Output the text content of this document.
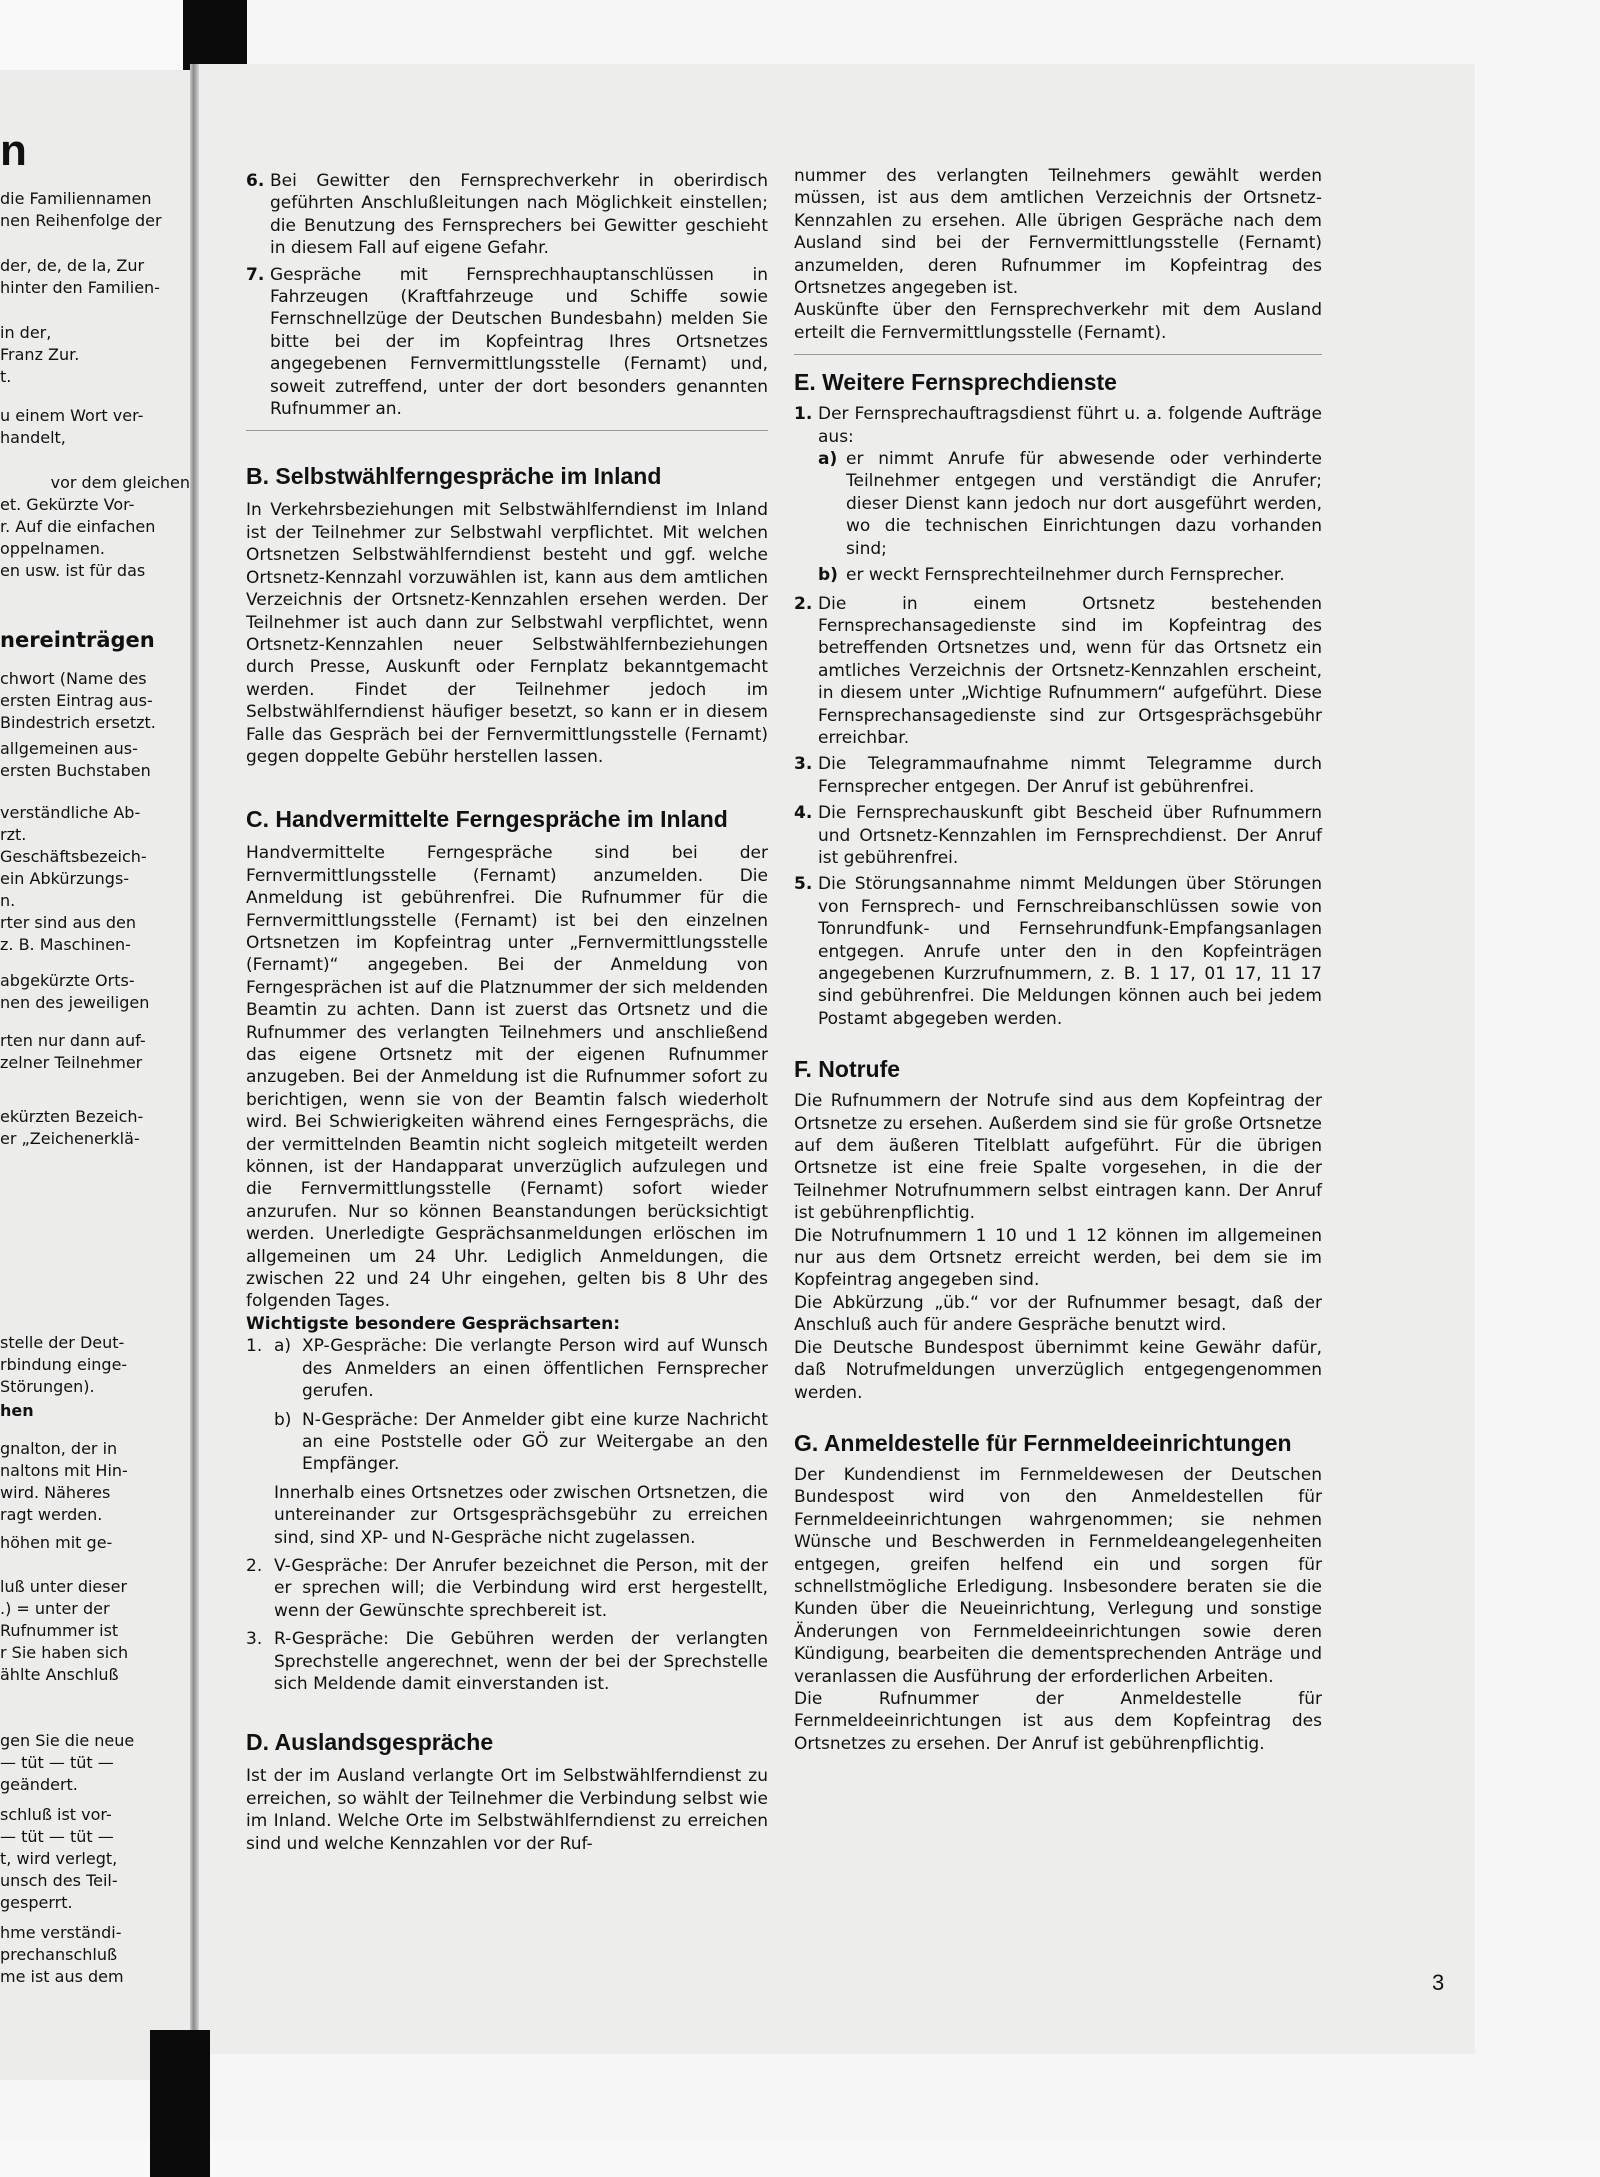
n
die Familiennamen
nen Reihenfolge der
der, de, de la, Zur
hinter den Familien-
in der,
Franz Zur.
t.
u einem Wort ver-
handelt,
vor dem gleichen
et. Gekürzte Vor-
r. Auf die einfachen
oppelnamen.
en usw. ist für das
nereinträgen
chwort (Name des
ersten Eintrag aus-
Bindestrich ersetzt.
allgemeinen aus-
ersten Buchstaben
verständliche Ab-
rzt.
Geschäftsbezeich-
ein Abkürzungs-
n.
rter sind aus den
z. B. Maschinen-
abgekürzte Orts-
nen des jeweiligen
rten nur dann auf-
zelner Teilnehmer
ekürzten Bezeich-
er „Zeichenerklä-
stelle der Deut-
rbindung einge-
Störungen).
hen
gnalton, der in
naltons mit Hin-
wird. Näheres
ragt werden.
höhen mit ge-
luß unter dieser
.) = unter der
Rufnummer ist
r Sie haben sich
ählte Anschluß
gen Sie die neue
— tüt — tüt —
geändert.
schluß ist vor-
— tüt — tüt —
t, wird verlegt,
unsch des Teil-
gesperrt.
hme verständi-
prechanschluß
me ist aus dem
6. Bei Gewitter den Fernsprechverkehr in oberirdisch geführten Anschlußleitungen nach Möglichkeit einstellen; die Benutzung des Fernsprechers bei Gewitter geschieht in diesem Fall auf eigene Gefahr.
7. Gespräche mit Fernsprechhauptanschlüssen in Fahrzeugen (Kraftfahrzeuge und Schiffe sowie Fernschnellzüge der Deutschen Bundesbahn) melden Sie bitte bei der im Kopfeintrag Ihres Ortsnetzes angegebenen Fernvermittlungsstelle (Fernamt) und, soweit zutreffend, unter der dort besonders genannten Rufnummer an.
B. Selbstwählferngespräche im Inland

In Verkehrsbeziehungen mit Selbstwählferndienst im Inland ist der Teilnehmer zur Selbstwahl verpflichtet. Mit welchen Ortsnetzen Selbstwählferndienst besteht und ggf. welche Ortsnetz-Kennzahl vorzuwählen ist, kann aus dem amtlichen Verzeichnis der Ortsnetz-Kennzahlen ersehen werden. Der Teilnehmer ist auch dann zur Selbstwahl verpflichtet, wenn Ortsnetz-Kennzahlen neuer Selbstwählfernbeziehungen durch Presse, Auskunft oder Fernplatz bekanntgemacht werden. Findet der Teilnehmer jedoch im Selbstwählferndienst häufiger besetzt, so kann er in diesem Falle das Gespräch bei der Fernvermittlungsstelle (Fernamt) gegen doppelte Gebühr herstellen lassen.

C. Handvermittelte Ferngespräche im Inland

Handvermittelte Ferngespräche sind bei der Fernvermittlungsstelle (Fernamt) anzumelden. Die Anmeldung ist gebührenfrei. Die Rufnummer für die Fernvermittlungsstelle (Fernamt) ist bei den einzelnen Ortsnetzen im Kopfeintrag unter „Fernvermittlungsstelle (Fernamt)“ angegeben. Bei der Anmeldung von Ferngesprächen ist auf die Platznummer der sich meldenden Beamtin zu achten. Dann ist zuerst das Ortsnetz und die Rufnummer des verlangten Teilnehmers und anschließend das eigene Ortsnetz mit der eigenen Rufnummer anzugeben. Bei der Anmeldung ist die Rufnummer sofort zu berichtigen, wenn sie von der Beamtin falsch wiederholt wird. Bei Schwierigkeiten während eines Ferngesprächs, die der vermittelnden Beamtin nicht sogleich mitgeteilt werden können, ist der Handapparat unverzüglich aufzulegen und die Fernvermittlungsstelle (Fernamt) sofort wieder anzurufen. Nur so können Beanstandungen berücksichtigt werden. Unerledigte Gesprächsanmeldungen erlöschen im allgemeinen um 24 Uhr. Lediglich Anmeldungen, die zwischen 22 und 24 Uhr eingehen, gelten bis 8 Uhr des folgenden Tages.

Wichtigste besondere Gesprächsarten:

1. a) XP-Gespräche: Die verlangte Person wird auf Wunsch des Anmelders an einen öffentlichen Fernsprecher gerufen.
b) N-Gespräche: Der Anmelder gibt eine kurze Nachricht an eine Poststelle oder GÖ zur Weitergabe an den Empfänger.

Innerhalb eines Ortsnetzes oder zwischen Ortsnetzen, die untereinander zur Ortsgesprächsgebühr zu erreichen sind, sind XP- und N-Gespräche nicht zugelassen.

2. V-Gespräche: Der Anrufer bezeichnet die Person, mit der er sprechen will; die Verbindung wird erst hergestellt, wenn der Gewünschte sprechbereit ist.
3. R-Gespräche: Die Gebühren werden der verlangten Sprechstelle angerechnet, wenn der bei der Sprechstelle sich Meldende damit einverstanden ist.
D. Auslandsgespräche

Ist der im Ausland verlangte Ort im Selbstwählferndienst zu erreichen, so wählt der Teilnehmer die Verbindung selbst wie im Inland. Welche Orte im Selbstwählferndienst zu erreichen sind und welche Kennzahlen vor der Ruf-

nummer des verlangten Teilnehmers gewählt werden müssen, ist aus dem amtlichen Verzeichnis der Ortsnetz-Kennzahlen zu ersehen. Alle übrigen Gespräche nach dem Ausland sind bei der Fernvermittlungsstelle (Fernamt) anzumelden, deren Rufnummer im Kopfeintrag des Ortsnetzes angegeben ist.

Auskünfte über den Fernsprechverkehr mit dem Ausland erteilt die Fernvermittlungsstelle (Fernamt).

E. Weitere Fernsprechdienste
1. Der Fernsprechauftragsdienst führt u. a. folgende Aufträge aus:

a) er nimmt Anrufe für abwesende oder verhinderte Teilnehmer entgegen und verständigt die Anrufer; dieser Dienst kann jedoch nur dort ausgeführt werden, wo die technischen Einrichtungen dazu vorhanden sind;
b) er weckt Fernsprechteilnehmer durch Fernsprecher.
2. Die in einem Ortsnetz bestehenden Fernsprechansagedienste sind im Kopfeintrag des betreffenden Ortsnetzes und, wenn für das Ortsnetz ein amtliches Verzeichnis der Ortsnetz-Kennzahlen erscheint, in diesem unter „Wichtige Rufnummern“ aufgeführt. Diese Fernsprechansagedienste sind zur Ortsgesprächsgebühr erreichbar.
3. Die Telegrammaufnahme nimmt Telegramme durch Fernsprecher entgegen. Der Anruf ist gebührenfrei.
4. Die Fernsprechauskunft gibt Bescheid über Rufnummern und Ortsnetz-Kennzahlen im Fernsprechdienst. Der Anruf ist gebührenfrei.
5. Die Störungsannahme nimmt Meldungen über Störungen von Fernsprech- und Fernschreibanschlüssen sowie von Tonrundfunk- und Fernsehrundfunk-Empfangsanlagen entgegen. Anrufe unter den in den Kopfeinträgen angegebenen Kurzrufnummern, z. B. 1 17, 01 17, 11 17 sind gebührenfrei. Die Meldungen können auch bei jedem Postamt abgegeben werden.
F. Notrufe

Die Rufnummern der Notrufe sind aus dem Kopfeintrag der Ortsnetze zu ersehen. Außerdem sind sie für große Ortsnetze auf dem äußeren Titelblatt aufgeführt. Für die übrigen Ortsnetze ist eine freie Spalte vorgesehen, in die der Teilnehmer Notrufnummern selbst eintragen kann. Der Anruf ist gebührenpflichtig.

Die Notrufnummern 1 10 und 1 12 können im allgemeinen nur aus dem Ortsnetz erreicht werden, bei dem sie im Kopfeintrag angegeben sind.

Die Abkürzung „üb.“ vor der Rufnummer besagt, daß der Anschluß auch für andere Gespräche benutzt wird.

Die Deutsche Bundespost übernimmt keine Gewähr dafür, daß Notrufmeldungen unverzüglich entgegengenommen werden.

G. Anmeldestelle für Fernmeldeeinrichtungen

Der Kundendienst im Fernmeldewesen der Deutschen Bundespost wird von den Anmeldestellen für Fernmeldeeinrichtungen wahrgenommen; sie nehmen Wünsche und Beschwerden in Fernmeldeangelegenheiten entgegen, greifen helfend ein und sorgen für schnellstmögliche Erledigung. Insbesondere beraten sie die Kunden über die Neueinrichtung, Verlegung und sonstige Änderungen von Fernmeldeeinrichtungen sowie deren Kündigung, bearbeiten die dementsprechenden Anträge und veranlassen die Ausführung der erforderlichen Arbeiten.

Die Rufnummer der Anmeldestelle für Fernmeldeeinrichtungen ist aus dem Kopfeintrag des Ortsnetzes zu ersehen. Der Anruf ist gebührenpflichtig.

3
